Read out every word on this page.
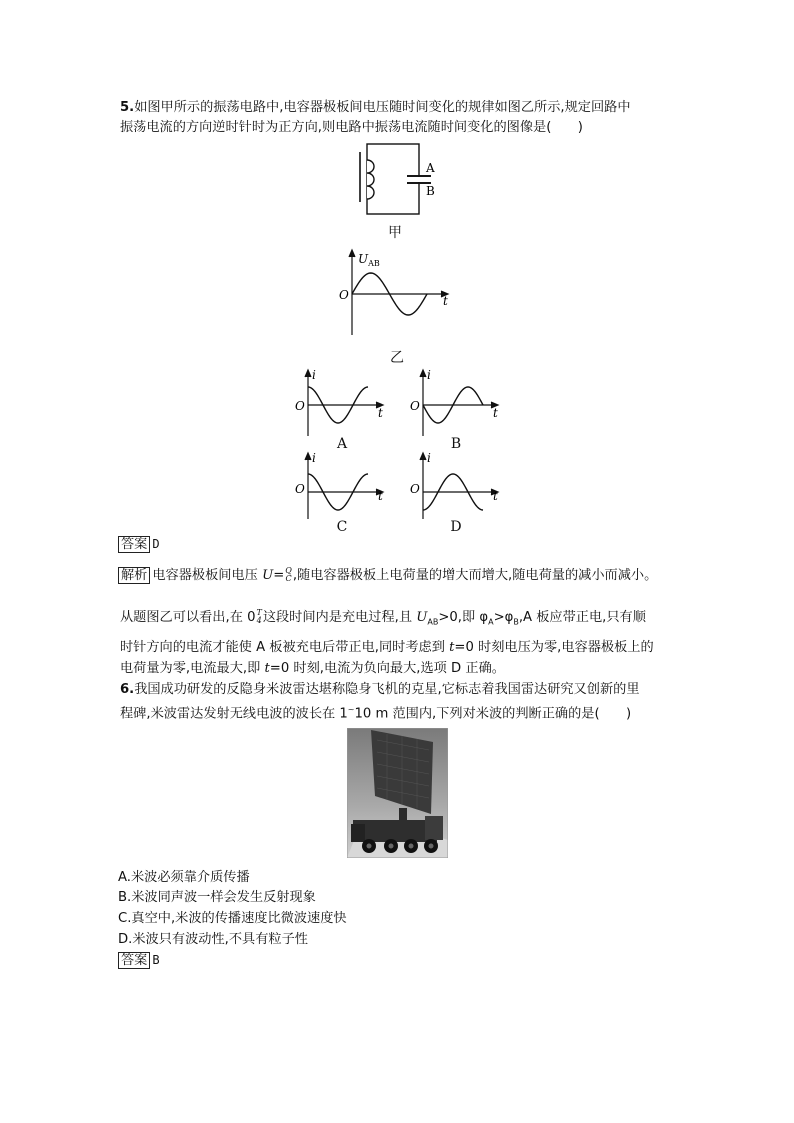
5.如图甲所示的振荡电路中,电容器极板间电压随时间变化的规律如图乙所示,规定回路中
振荡电流的方向逆时针时为正方向,则电路中振荡电流随时间变化的图像是(　　)
A
B
甲
$U_{AB}$
O	t
乙
i
O	t
A
i
O	t
B
i
O	t
C
i
O	t
D
答案 D
解析 电容器极板间电压 U= Q
C ,随电容器极板上电荷量的增大而增大,随电荷量的减小而减小。
从题图乙可以看出,在 0 T
4 这段时间内是充电过程,且 $U_{AB}>0$,即 $\varphi_A>\varphi_B,A$ 板应带正电,只有顺
时针方向的电流才能使 A 板被充电后带正电,同时考虑到 t=0 时刻电压为零,电容器极板上的
电荷量为零,电流最大,即 t=0 时刻,电流为负向最大,选项 D 正确。
6.我国成功研发的反隐身米波雷达堪称隐身飞机的克星,它标志着我国雷达研究又创新的里
程碑,米波雷达发射无线电波的波长在 1~10 m 范围内,下列对米波的判断正确的是(　　)
A.米波必须靠介质传播
B.米波同声波一样会发生反射现象
C.真空中,米波的传播速度比微波速度快
D.米波只有波动性,不具有粒子性
答案 B
